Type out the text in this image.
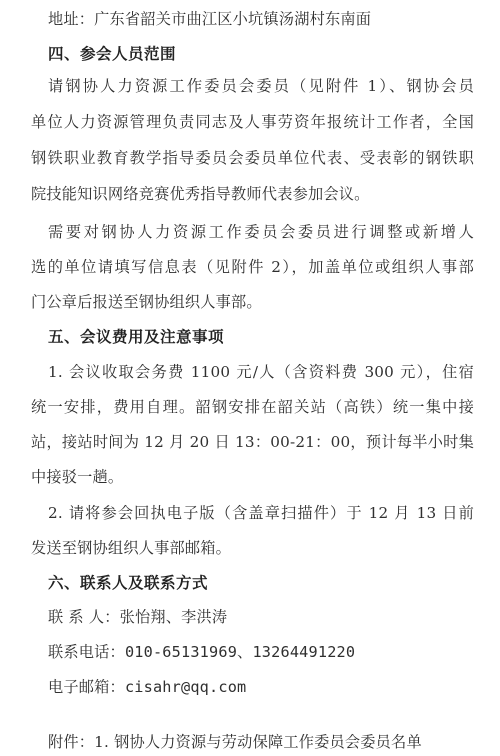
地址：广东省韶关市曲江区小坑镇汤湖村东南面
四、参会人员范围
请钢协人力资源工作委员会委员（见附件 1）、钢协会员
单位人力资源管理负责同志及人事劳资年报统计工作者，全国
钢铁职业教育教学指导委员会委员单位代表、受表彰的钢铁职
院技能知识网络竞赛优秀指导教师代表参加会议。
需要对钢协人力资源工作委员会委员进行调整或新增人
选的单位请填写信息表（见附件 2），加盖单位或组织人事部
门公章后报送至钢协组织人事部。
五、会议费用及注意事项
1. 会议收取会务费 1100 元/人（含资料费 300 元），住宿
统一安排，费用自理。韶钢安排在韶关站（高铁）统一集中接
站，接站时间为 12 月 20 日 13：00-21：00，预计每半小时集
中接驳一趟。
2. 请将参会回执电子版（含盖章扫描件）于 12 月 13 日前
发送至钢协组织人事部邮箱。
六、联系人及联系方式
联 系 人：张怡翔、李洪涛
联系电话：010-65131969、13264491220
电子邮箱：cisahr@qq.com
附件：1. 钢协人力资源与劳动保障工作委员会委员名单
